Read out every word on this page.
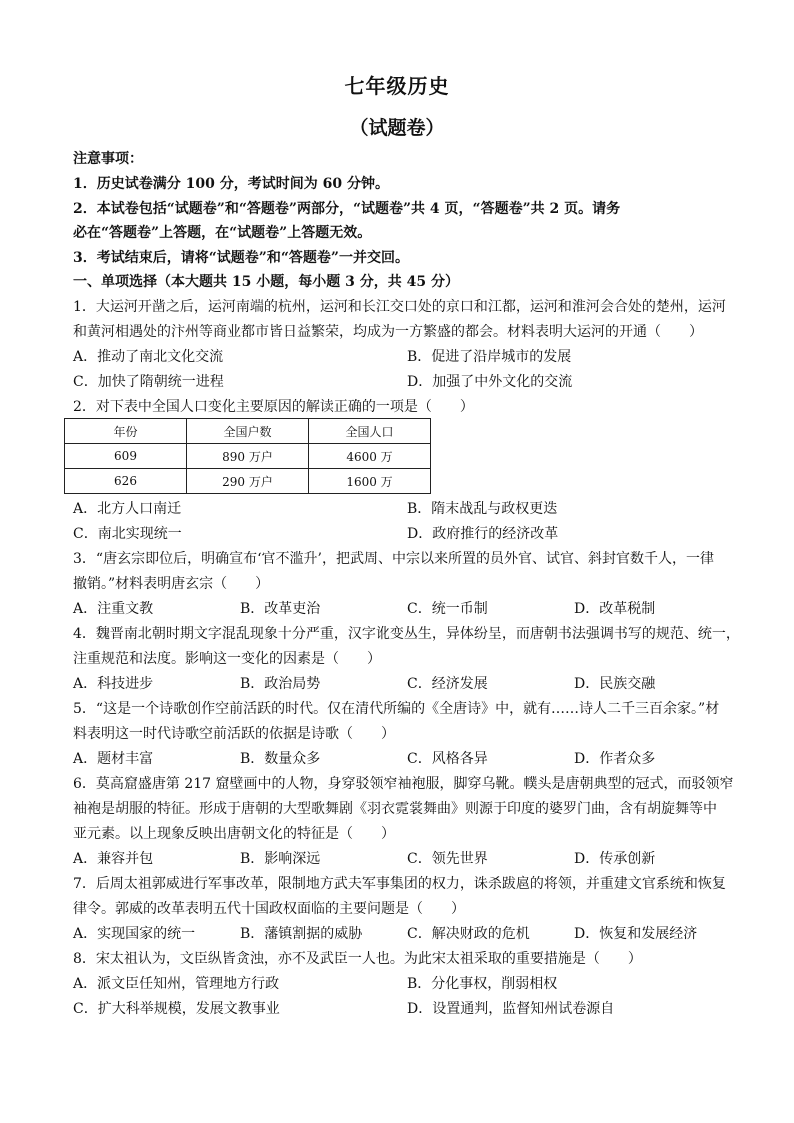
七年级历史
（试题卷）
注意事项：
1．历史试卷满分 100 分，考试时间为 60 分钟。
2．本试卷包括“试题卷”和“答题卷”两部分，“试题卷”共 4 页，“答题卷”共 2 页。请务
必在“答题卷”上答题，在“试题卷”上答题无效。
3．考试结束后，请将“试题卷”和“答题卷”一并交回。
一、单项选择（本大题共 15 小题，每小题 3 分，共 45 分）
1．大运河开凿之后，运河南端的杭州，运河和长江交口处的京口和江都，运河和淮河会合处的楚州，运河
和黄河相遇处的汴州等商业都市皆日益繁荣，均成为一方繁盛的都会。材料表明大运河的开通（　　）
A．推动了南北文化交流	B．促进了沿岸城市的发展
C．加快了隋朝统一进程	D．加强了中外文化的交流
2．对下表中全国人口变化主要原因的解读正确的一项是（　　）
年份	全国户数	全国人口
609	890 万户	4600 万
626	290 万户	1600 万
A．北方人口南迁	B．隋末战乱与政权更迭
C．南北实现统一	D．政府推行的经济改革
3．“唐玄宗即位后，明确宣布‘官不滥升’，把武周、中宗以来所置的员外官、试官、斜封官数千人，一律
撤销。”材料表明唐玄宗（　　）
A．注重文教	B．改革吏治	C．统一币制	D．改革税制
4．魏晋南北朝时期文字混乱现象十分严重，汉字讹变丛生，异体纷呈，而唐朝书法强调书写的规范、统一，
注重规范和法度。影响这一变化的因素是（　　）
A．科技进步	B．政治局势	C．经济发展	D．民族交融
5．“这是一个诗歌创作空前活跃的时代。仅在清代所编的《全唐诗》中，就有……诗人二千三百余家。”材
料表明这一时代诗歌空前活跃的依据是诗歌（　　）
A．题材丰富	B．数量众多	C．风格各异	D．作者众多
6．莫高窟盛唐第 217 窟壁画中的人物，身穿驳领窄袖袍服，脚穿乌靴。幞头是唐朝典型的冠式，而驳领窄
袖袍是胡服的特征。形成于唐朝的大型歌舞剧《羽衣霓裳舞曲》则源于印度的婆罗门曲，含有胡旋舞等中
亚元素。以上现象反映出唐朝文化的特征是（　　）
A．兼容并包	B．影响深远	C．领先世界	D．传承创新
7．后周太祖郭威进行军事改革，限制地方武夫军事集团的权力，诛杀跋扈的将领，并重建文官系统和恢复
律令。郭威的改革表明五代十国政权面临的主要问题是（　　）
A．实现国家的统一	B．藩镇割据的威胁	C．解决财政的危机	D．恢复和发展经济
8．宋太祖认为，文臣纵皆贪浊，亦不及武臣一人也。为此宋太祖采取的重要措施是（　　）
A．派文臣任知州，管理地方行政	B．分化事权，削弱相权
C．扩大科举规模，发展文教事业	D．设置通判，监督知州试卷源自
